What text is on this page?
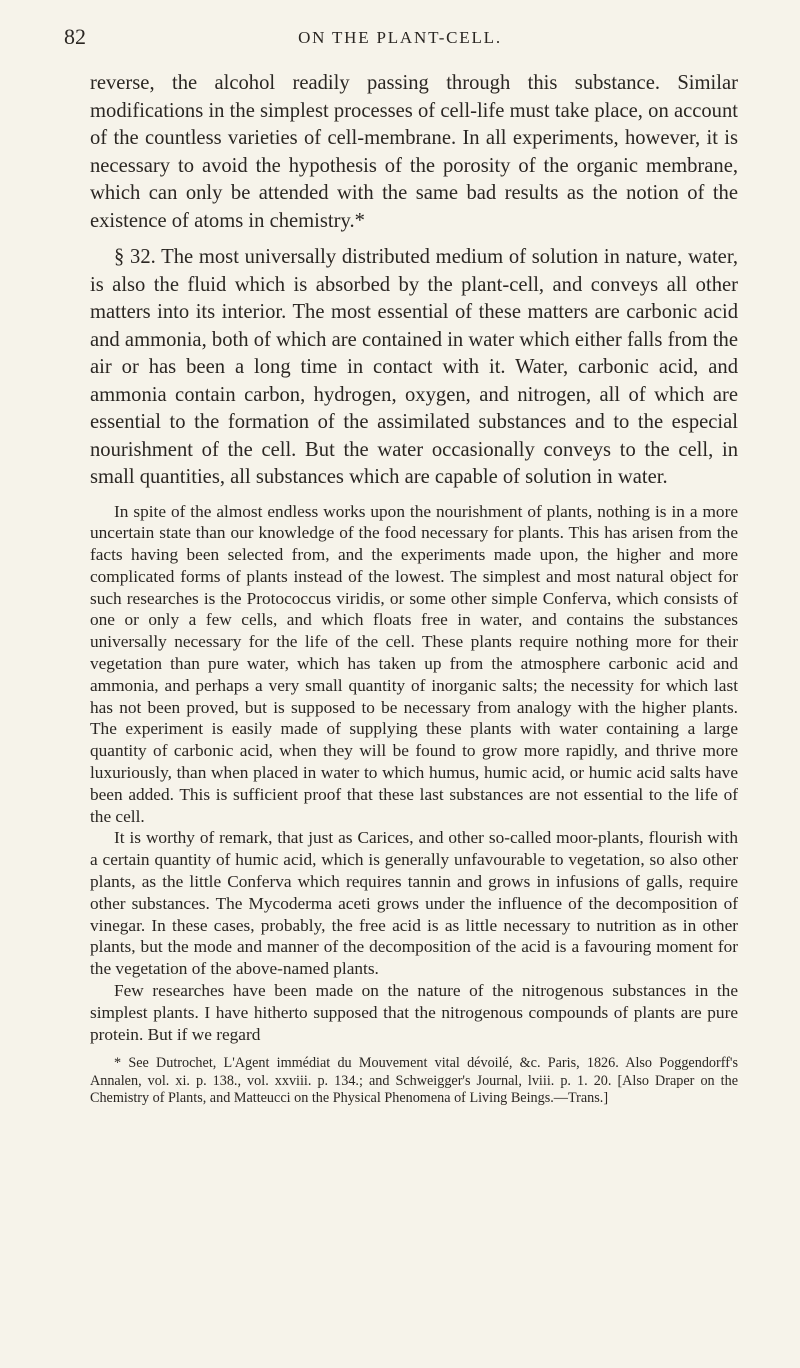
82	ON THE PLANT-CELL.

reverse, the alcohol readily passing through this substance. Similar modifications in the simplest processes of cell-life must take place, on account of the countless varieties of cell-membrane. In all experiments, however, it is necessary to avoid the hypothesis of the porosity of the organic membrane, which can only be attended with the same bad results as the notion of the existence of atoms in chemistry.*

§ 32. The most universally distributed medium of solution in nature, water, is also the fluid which is absorbed by the plant-cell, and conveys all other matters into its interior. The most essential of these matters are carbonic acid and ammonia, both of which are contained in water which either falls from the air or has been a long time in contact with it. Water, carbonic acid, and ammonia contain carbon, hydrogen, oxygen, and nitrogen, all of which are essential to the formation of the assimilated substances and to the especial nourishment of the cell. But the water occasionally conveys to the cell, in small quantities, all substances which are capable of solution in water.

In spite of the almost endless works upon the nourishment of plants, nothing is in a more uncertain state than our knowledge of the food necessary for plants. This has arisen from the facts having been selected from, and the experiments made upon, the higher and more complicated forms of plants instead of the lowest. The simplest and most natural object for such researches is the Protococcus viridis, or some other simple Conferva, which consists of one or only a few cells, and which floats free in water, and contains the substances universally necessary for the life of the cell. These plants require nothing more for their vegetation than pure water, which has taken up from the atmosphere carbonic acid and ammonia, and perhaps a very small quantity of inorganic salts; the necessity for which last has not been proved, but is supposed to be necessary from analogy with the higher plants. The experiment is easily made of supplying these plants with water containing a large quantity of carbonic acid, when they will be found to grow more rapidly, and thrive more luxuriously, than when placed in water to which humus, humic acid, or humic acid salts have been added. This is sufficient proof that these last substances are not essential to the life of the cell.

It is worthy of remark, that just as Carices, and other so-called moor-plants, flourish with a certain quantity of humic acid, which is generally unfavourable to vegetation, so also other plants, as the little Conferva which requires tannin and grows in infusions of galls, require other substances. The Mycoderma aceti grows under the influence of the decomposition of vinegar. In these cases, probably, the free acid is as little necessary to nutrition as in other plants, but the mode and manner of the decomposition of the acid is a favouring moment for the vegetation of the above-named plants.

Few researches have been made on the nature of the nitrogenous substances in the simplest plants. I have hitherto supposed that the nitrogenous compounds of plants are pure protein. But if we regard

* See Dutrochet, L'Agent immédiat du Mouvement vital dévoilé, &c. Paris, 1826. Also Poggendorff's Annalen, vol. xi. p. 138., vol. xxviii. p. 134.; and Schweigger's Journal, lviii. p. 1. 20. [Also Draper on the Chemistry of Plants, and Matteucci on the Physical Phenomena of Living Beings.—Trans.]
